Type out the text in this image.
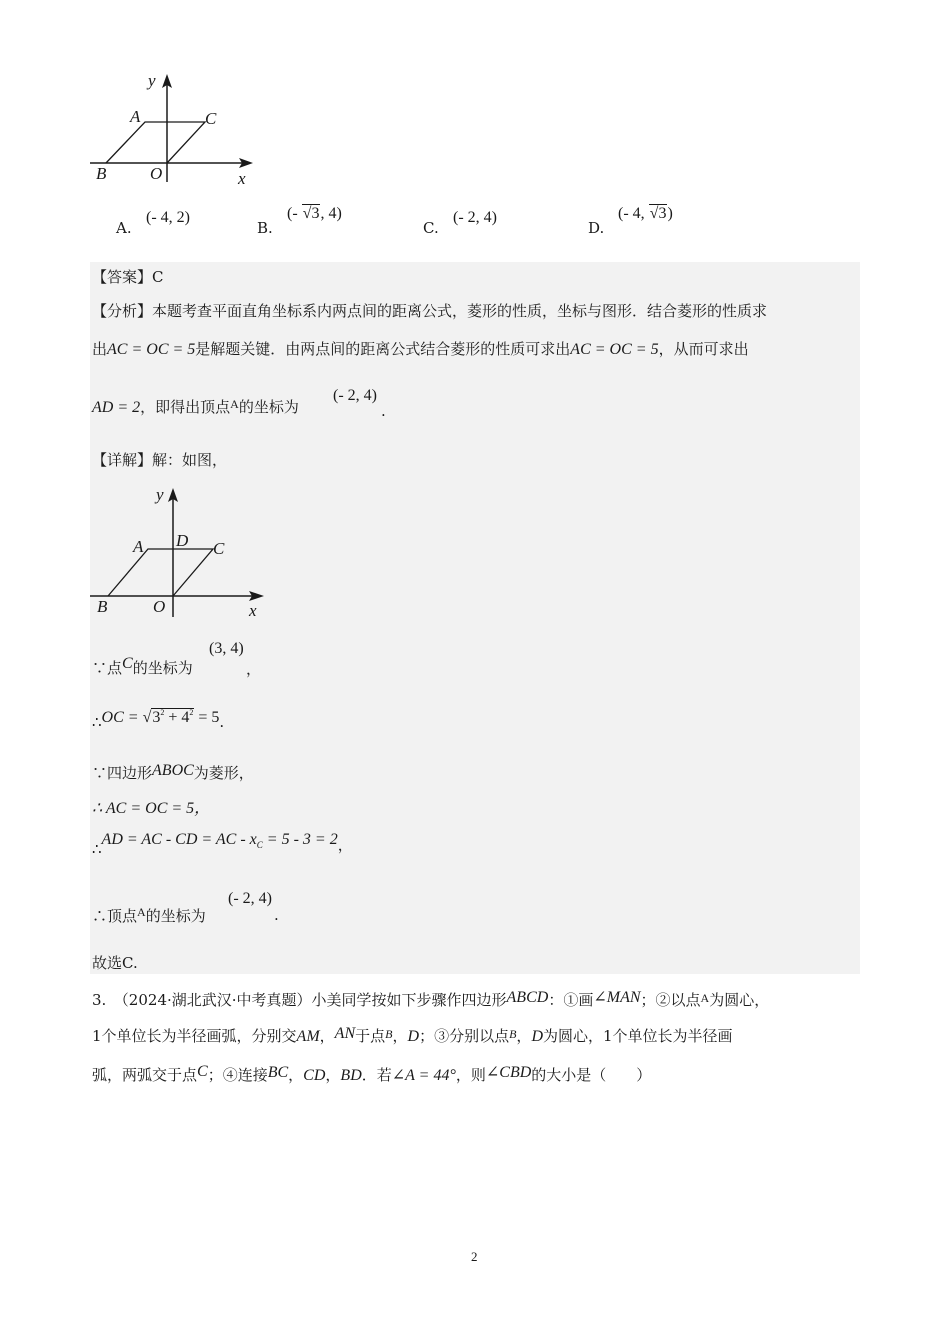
y
A	C
B	O	x
A.
(- 4, 2)
B.
(- √3, 4)
C.
(- 2, 4)
D.
(- 4, √3)
【答案】C
【分析】本题考查平面直角坐标系内两点间的距离公式，菱形的性质，坐标与图形．结合菱形的性质求
出AC = OC = 5是解题关键．由两点间的距离公式结合菱形的性质可求出AC = OC = 5，从而可求出
AD = 2，即得出顶点$^A$的坐标为
(- 2, 4)
.
【详解】解：如图，
y
A D C
B	O	x
∵点C的坐标为
(3, 4)
，
∴OC = $√3^2 + 4^2 = 5$.
∵四边形ABOC为菱形，
∴ AC = OC = 5，
∴AD = AC - CD = AC - $x_C = 5 - 3 = 2$，
∴顶点$^A$的坐标为
(- 2, 4)
.
故选C.
3.　（2024·湖北武汉·中考真题）小美同学按如下步骤作四边形ABCD：①画∠MAN；②以点$^A$为圆心，
1个单位长为半径画弧，分别交AM，AN于点$^B$，D；③分别以点$^B$，D为圆心，1个单位长为半径画
弧，两弧交于点C；④连接BC，CD，BD．若∠A = 44°，则∠CBD的大小是（　　）
2
